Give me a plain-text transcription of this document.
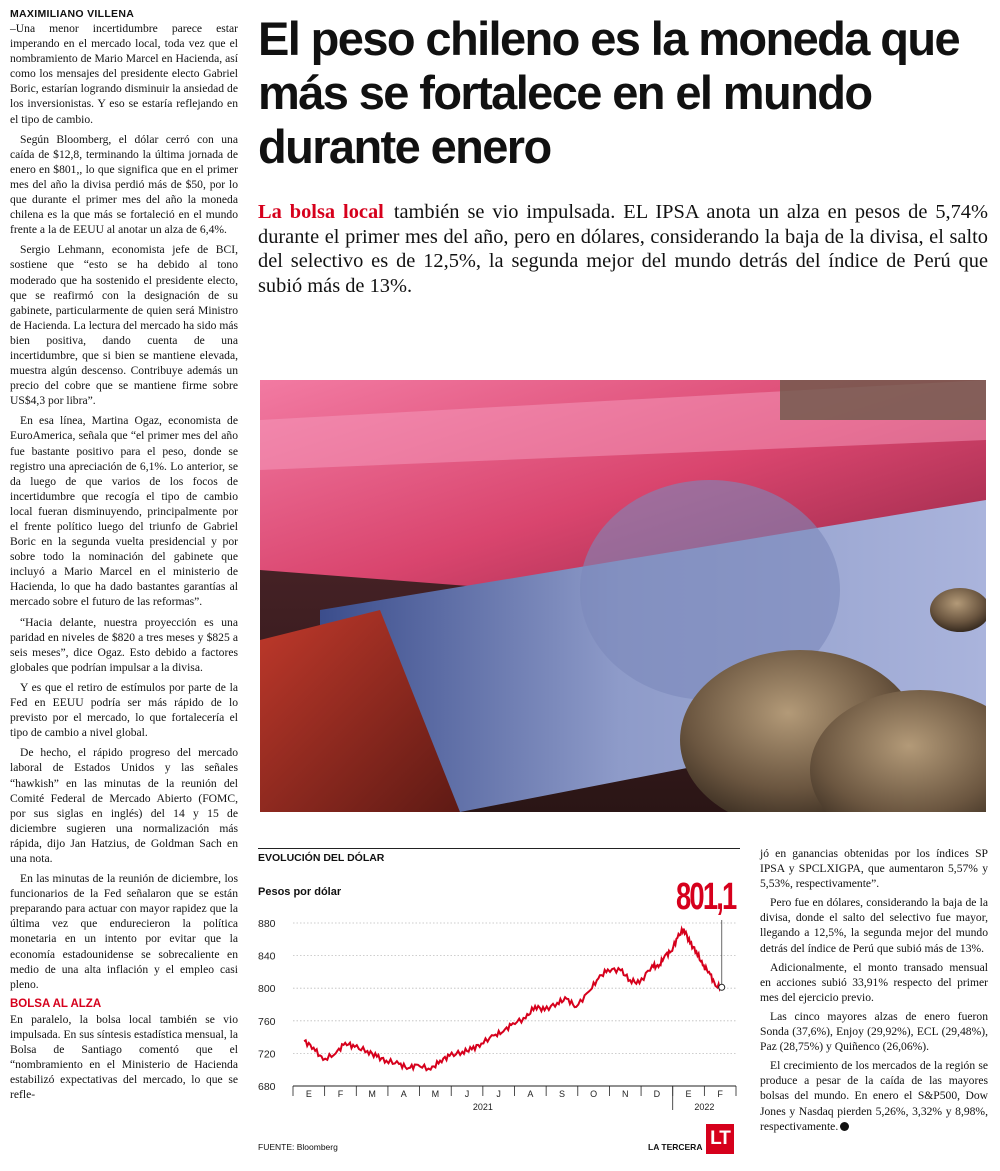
MAXIMILIANO VILLENA

–Una menor incertidumbre parece estar imperando en el mercado local, toda vez que el nombramiento de Mario Marcel en Hacienda, así como los mensajes del presidente electo Gabriel Boric, estarían logrando disminuir la ansiedad de los inversionistas. Y eso se estaría reflejando en el tipo de cambio.

Según Bloomberg, el dólar cerró con una caída de $12,8, terminando la última jornada de enero en $801,, lo que significa que en el primer mes del año la divisa perdió más de $50, por lo que durante el primer mes del año la moneda chilena es la que más se fortaleció en el mundo frente a la de EEUU al anotar un alza de 6,4%.

Sergio Lehmann, economista jefe de BCI, sostiene que “esto se ha debido al tono moderado que ha sostenido el presidente electo, que se reafirmó con la designación de su gabinete, particularmente de quien será Ministro de Hacienda. La lectura del mercado ha sido más bien positiva, dando cuenta de una incertidumbre, que si bien se mantiene elevada, muestra algún descenso. Contribuye además un precio del cobre que se mantiene firme sobre US$4,3 por libra”.

En esa línea, Martina Ogaz, economista de EuroAmerica, señala que “el primer mes del año fue bastante positivo para el peso, donde se registro una apreciación de 6,1%. Lo anterior, se da luego de que varios de los focos de incertidumbre que recogía el tipo de cambio local fueran disminuyendo, principalmente por el frente político luego del triunfo de Gabriel Boric en la segunda vuelta presidencial y por sobre todo la nominación del gabinete que incluyó a Mario Marcel en el ministerio de Hacienda, lo que ha dado bastantes garantías al mercado sobre el futuro de las reformas”.

“Hacia delante, nuestra proyección es una paridad en niveles de $820 a tres meses y $825 a seis meses”, dice Ogaz. Esto debido a factores globales que podrían impulsar a la divisa.

Y es que el retiro de estímulos por parte de la Fed en EEUU podría ser más rápido de lo previsto por el mercado, lo que fortalecería el tipo de cambio a nivel global.

De hecho, el rápido progreso del mercado laboral de Estados Unidos y las señales “hawkish” en las minutas de la reunión del Comité Federal de Mercado Abierto (FOMC, por sus siglas en inglés) del 14 y 15 de diciembre sugieren una normalización más rápida, dijo Jan Hatzius, de Goldman Sach en una nota.

En las minutas de la reunión de diciembre, los funcionarios de la Fed señalaron que se están preparando para actuar con mayor rapidez que la última vez que endurecieron la política monetaria en un intento por evitar que la economía estadounidense se sobrecaliente en medio de una alta inflación y el empleo casi pleno.

BOLSA AL ALZA

En paralelo, la bolsa local también se vio impulsada. En sus síntesis estadística mensual, la Bolsa de Santiago comentó que el “nombramiento en el Ministerio de Hacienda estabilizó expectativas del mercado, lo que se refle-

El peso chileno es la moneda que más se fortalece en el mundo durante enero
La bolsa local también se vio impulsada. EL IPSA anota un alza en pesos de 5,74% durante el primer mes del año, pero en dólares, considerando la baja de la divisa, el salto del selectivo es de 12,5%, la segunda mejor del mundo detrás del índice de Perú que subió más de 13%.
EVOLUCIÓN DEL DÓLAR
Pesos por dólar	801,1
880
840
800
760
720
680
E	F	M	A	M	J	J	A	S	O	N	D	E	F
2021	2022
FUENTE: Bloomberg	LA TERCERA LT

jó en ganancias obtenidas por los índices SP IPSA y SPCLXIGPA, que aumentaron 5,57% y 5,53%, respectivamente”.

Pero fue en dólares, considerando la baja de la divisa, donde el salto del selectivo fue mayor, llegando a 12,5%, la segunda mejor del mundo detrás del índice de Perú que subió más de 13%.

Adicionalmente, el monto transado mensual en acciones subió 33,91% respecto del primer mes del ejercicio previo.

Las cinco mayores alzas de enero fueron Sonda (37,6%), Enjoy (29,92%), ECL (29,48%), Paz (28,75%) y Quiñenco (26,06%).

El crecimiento de los mercados de la región se produce a pesar de la caída de las mayores bolsas del mundo. En enero el S&P500, Dow Jones y Nasdaq pierden 5,26%, 3,32% y 8,98%, respectivamente.
